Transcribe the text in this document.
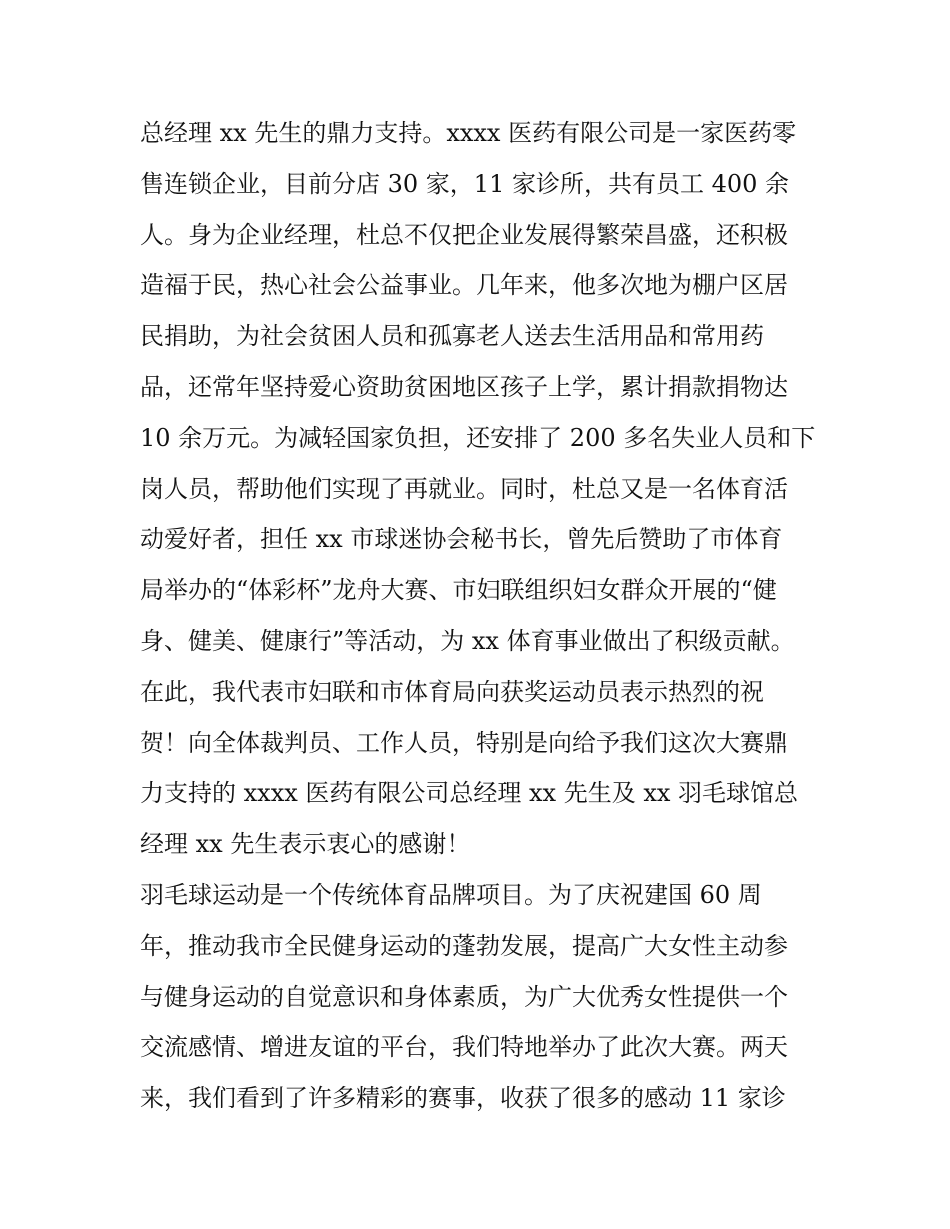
总经理 xx 先生的鼎力支持。xxxx 医药有限公司是一家医药零
售连锁企业，目前分店 30 家，11 家诊所，共有员工 400 余
人。身为企业经理，杜总不仅把企业发展得繁荣昌盛，还积极
造福于民，热心社会公益事业。几年来，他多次地为棚户区居
民捐助，为社会贫困人员和孤寡老人送去生活用品和常用药
品，还常年坚持爱心资助贫困地区孩子上学，累计捐款捐物达
10 余万元。为减轻国家负担，还安排了 200 多名失业人员和下
岗人员，帮助他们实现了再就业。同时，杜总又是一名体育活
动爱好者，担任 xx 市球迷协会秘书长，曾先后赞助了市体育
局举办的“体彩杯”龙舟大赛、市妇联组织妇女群众开展的“健
身、健美、健康行”等活动，为 xx 体育事业做出了积级贡献。
在此，我代表市妇联和市体育局向获奖运动员表示热烈的祝
贺！向全体裁判员、工作人员，特别是向给予我们这次大赛鼎
力支持的 xxxx 医药有限公司总经理 xx 先生及 xx 羽毛球馆总
经理 xx 先生表示衷心的感谢！
羽毛球运动是一个传统体育品牌项目。为了庆祝建国 60 周
年，推动我市全民健身运动的蓬勃发展，提高广大女性主动参
与健身运动的自觉意识和身体素质，为广大优秀女性提供一个
交流感情、增进友谊的平台，我们特地举办了此次大赛。两天
来，我们看到了许多精彩的赛事，收获了很多的感动 11 家诊
